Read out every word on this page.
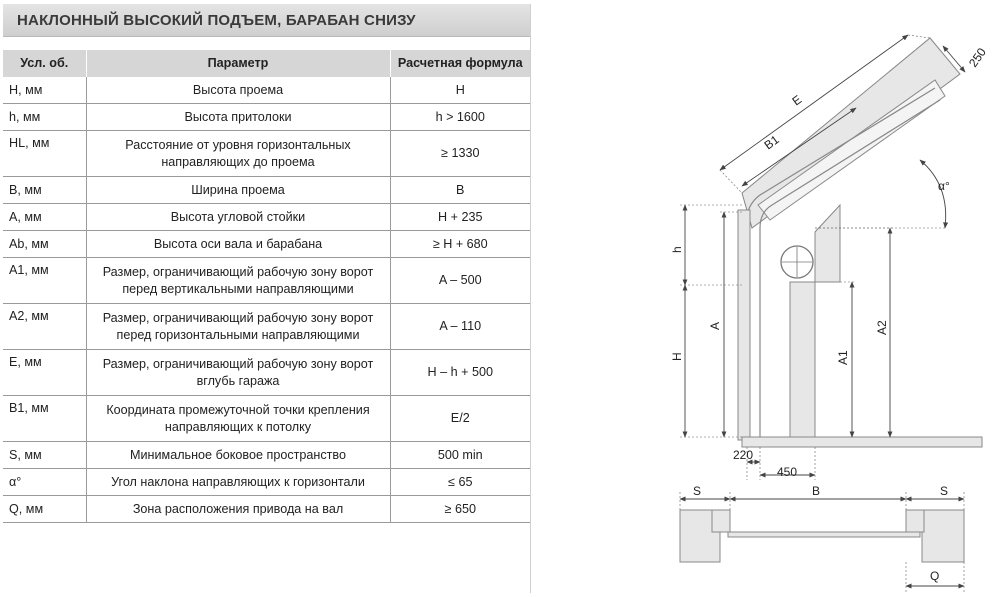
НАКЛОННЫЙ ВЫСОКИЙ ПОДЪЕМ, БАРАБАН СНИЗУ
Усл. об.	Параметр	Расчетная формула
H, мм	Высота проема	H
h, мм	Высота притолоки	h > 1600
HL, мм	Расстояние от уровня горизонтальных направляющих до проема	≥ 1330
B, мм	Ширина проема	B
A, мм	Высота угловой стойки	H + 235
Ab, мм	Высота оси вала и барабана	≥ H + 680
A1, мм	Размер, ограничивающий рабочую зону ворот перед вертикальными направляющими	A – 500
A2, мм	Размер, ограничивающий рабочую зону ворот перед горизонтальными направляющими	A – 110
E, мм	Размер, ограничивающий рабочую зону ворот вглубь гаража	H – h + 500
B1, мм	Координата промежуточной точки крепления направляющих к потолку	E/2
S, мм	Минимальное боковое пространство	500 min
α°	Угол наклона направляющих к горизонтали	≤ 65
Q, мм	Зона расположения привода на вал	≥ 650
E
B1
250
α°
h
H
A
A1
A2
220
450
S	B	S
Q
